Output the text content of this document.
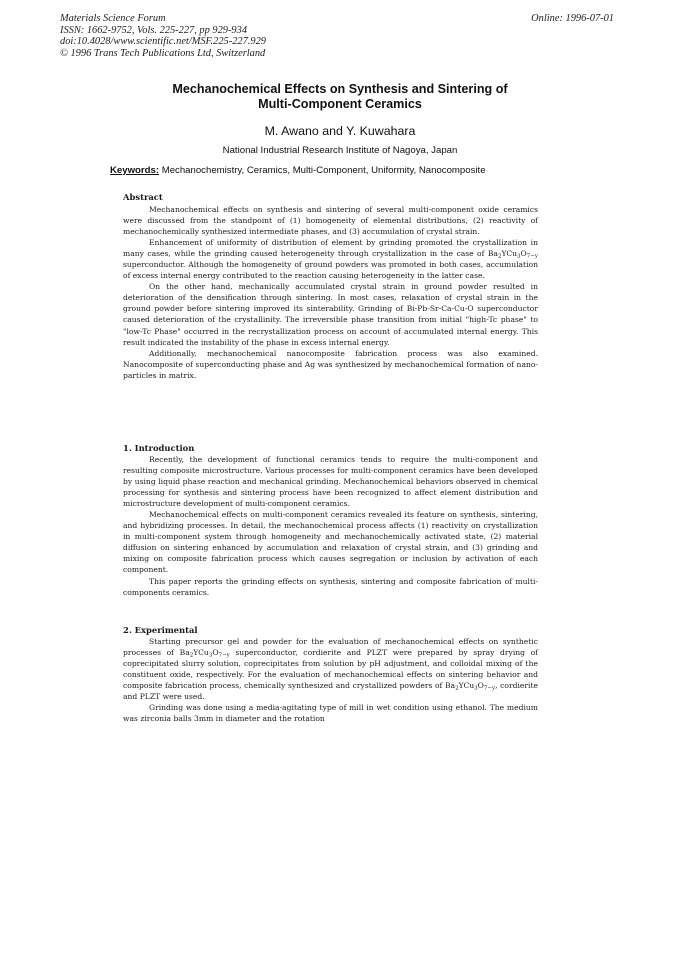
Materials Science Forum
ISSN: 1662-9752, Vols. 225-227, pp 929-934
doi:10.4028/www.scientific.net/MSF.225-227.929
© 1996 Trans Tech Publications Ltd, Switzerland
Online: 1996-07-01
Mechanochemical Effects on Synthesis and Sintering of
Multi-Component Ceramics
M. Awano and Y. Kuwahara
National Industrial Research Institute of Nagoya, Japan
Keywords: Mechanochemistry, Ceramics, Multi-Component, Uniformity, Nanocomposite
Abstract

Mechanochemical effects on synthesis and sintering of several multi-component oxide ceramics were discussed from the standpoint of (1) homogeneity of elemental distributions, (2) reactivity of mechanochemically synthesized intermediate phases, and (3) accumulation of crystal strain.

Enhancement of uniformity of distribution of element by grinding promoted the crystallization in many cases, while the grinding caused heterogeneity through crystallization in the case of $Ba_2YCu_3O_{7-y}$ superconductor. Although the homogeneity of ground powders was promoted in both cases, accumulation of excess internal energy contributed to the reaction causing heterogeneity in the latter case.

On the other hand, mechanically accumulated crystal strain in ground powder resulted in deterioration of the densification through sintering. In most cases, relaxation of crystal strain in the ground powder before sintering improved its sinterability. Grinding of Bi-Pb-Sr-Ca-Cu-O superconductor caused deterioration of the crystallinity. The irreversible phase transition from initial "high-Tc phase" to "low-Tc Phase" occurred in the recrystallization process on account of accumulated internal energy. This result indicated the instability of the phase in excess internal energy.

Additionally, mechanochemical nanocomposite fabrication process was also examined. Nanocomposite of superconducting phase and Ag was synthesized by mechanochemical formation of nano-particles in matrix.

1. Introduction

Recently, the development of functional ceramics tends to require the multi-component and resulting composite microstructure. Various processes for multi-component ceramics have been developed by using liquid phase reaction and mechanical grinding. Mechanochemical behaviors observed in chemical processing for synthesis and sintering process have been recognized to affect element distribution and microstructure development of multi-component ceramics.

Mechanochemical effects on multi-component ceramics revealed its feature on synthesis, sintering, and hybridizing processes. In detail, the mechanochemical process affects (1) reactivity on crystallization in multi-component system through homogeneity and mechanochemically activated state, (2) material diffusion on sintering enhanced by accumulation and relaxation of crystal strain, and (3) grinding and mixing on composite fabrication process which causes segregation or inclusion by activation of each component.

This paper reports the grinding effects on synthesis, sintering and composite fabrication of multi-components ceramics.

2. Experimental

Starting precursor gel and powder for the evaluation of mechanochemical effects on synthetic processes of $Ba_2YCu_3O_{7-y}$ superconductor, cordierite and PLZT were prepared by spray drying of coprecipitated slurry solution, coprecipitates from solution by pH adjustment, and colloidal mixing of the constituent oxide, respectively. For the evaluation of mechanochemical effects on sintering behavior and composite fabrication process, chemically synthesized and crystallized powders of $Ba_2YCu_3O_{7-y}$, cordierite and PLZT were used.

Grinding was done using a media-agitating type of mill in wet condition using ethanol. The medium was zirconia balls 3mm in diameter and the rotation
